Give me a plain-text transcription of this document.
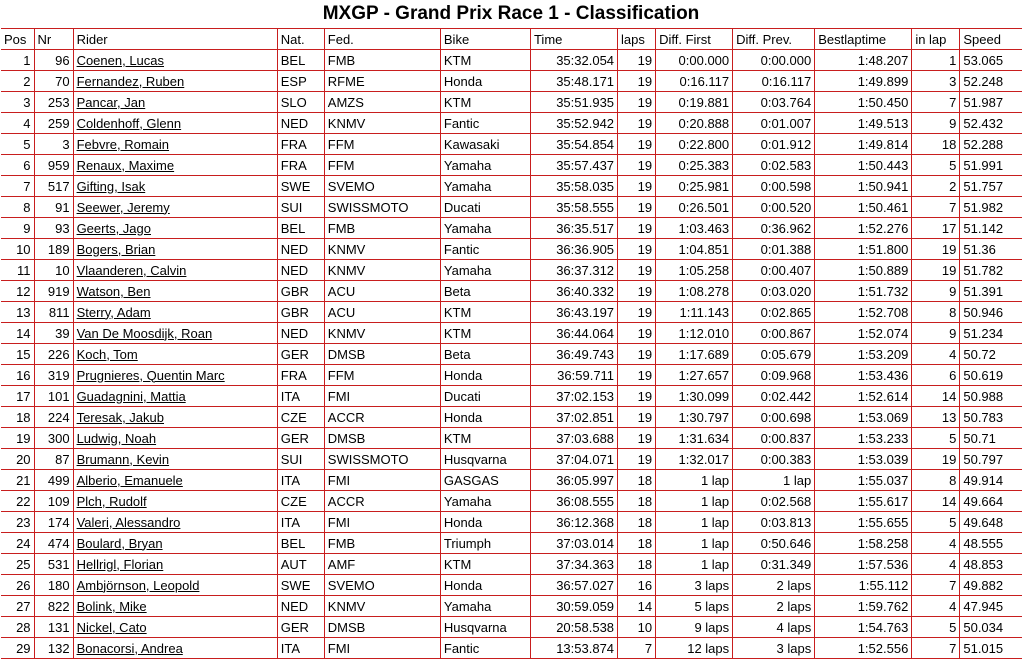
MXGP - Grand Prix Race 1 - Classification
Pos	Nr	Rider	Nat.	Fed.	Bike	Time	laps	Diff. First	Diff. Prev.	Bestlaptime	in lap	Speed
1	96	Coenen, Lucas	BEL	FMB	KTM	35:32.054	19	0:00.000	0:00.000	1:48.207	1	53.065
2	70	Fernandez, Ruben	ESP	RFME	Honda	35:48.171	19	0:16.117	0:16.117	1:49.899	3	52.248
3	253	Pancar, Jan	SLO	AMZS	KTM	35:51.935	19	0:19.881	0:03.764	1:50.450	7	51.987
4	259	Coldenhoff, Glenn	NED	KNMV	Fantic	35:52.942	19	0:20.888	0:01.007	1:49.513	9	52.432
5	3	Febvre, Romain	FRA	FFM	Kawasaki	35:54.854	19	0:22.800	0:01.912	1:49.814	18	52.288
6	959	Renaux, Maxime	FRA	FFM	Yamaha	35:57.437	19	0:25.383	0:02.583	1:50.443	5	51.991
7	517	Gifting, Isak	SWE	SVEMO	Yamaha	35:58.035	19	0:25.981	0:00.598	1:50.941	2	51.757
8	91	Seewer, Jeremy	SUI	SWISSMOTO	Ducati	35:58.555	19	0:26.501	0:00.520	1:50.461	7	51.982
9	93	Geerts, Jago	BEL	FMB	Yamaha	36:35.517	19	1:03.463	0:36.962	1:52.276	17	51.142
10	189	Bogers, Brian	NED	KNMV	Fantic	36:36.905	19	1:04.851	0:01.388	1:51.800	19	51.36
11	10	Vlaanderen, Calvin	NED	KNMV	Yamaha	36:37.312	19	1:05.258	0:00.407	1:50.889	19	51.782
12	919	Watson, Ben	GBR	ACU	Beta	36:40.332	19	1:08.278	0:03.020	1:51.732	9	51.391
13	811	Sterry, Adam	GBR	ACU	KTM	36:43.197	19	1:11.143	0:02.865	1:52.708	8	50.946
14	39	Van De Moosdijk, Roan	NED	KNMV	KTM	36:44.064	19	1:12.010	0:00.867	1:52.074	9	51.234
15	226	Koch, Tom	GER	DMSB	Beta	36:49.743	19	1:17.689	0:05.679	1:53.209	4	50.72
16	319	Prugnieres, Quentin Marc	FRA	FFM	Honda	36:59.711	19	1:27.657	0:09.968	1:53.436	6	50.619
17	101	Guadagnini, Mattia	ITA	FMI	Ducati	37:02.153	19	1:30.099	0:02.442	1:52.614	14	50.988
18	224	Teresak, Jakub	CZE	ACCR	Honda	37:02.851	19	1:30.797	0:00.698	1:53.069	13	50.783
19	300	Ludwig, Noah	GER	DMSB	KTM	37:03.688	19	1:31.634	0:00.837	1:53.233	5	50.71
20	87	Brumann, Kevin	SUI	SWISSMOTO	Husqvarna	37:04.071	19	1:32.017	0:00.383	1:53.039	19	50.797
21	499	Alberio, Emanuele	ITA	FMI	GASGAS	36:05.997	18	1 lap	1 lap	1:55.037	8	49.914
22	109	Plch, Rudolf	CZE	ACCR	Yamaha	36:08.555	18	1 lap	0:02.568	1:55.617	14	49.664
23	174	Valeri, Alessandro	ITA	FMI	Honda	36:12.368	18	1 lap	0:03.813	1:55.655	5	49.648
24	474	Boulard, Bryan	BEL	FMB	Triumph	37:03.014	18	1 lap	0:50.646	1:58.258	4	48.555
25	531	Hellrigl, Florian	AUT	AMF	KTM	37:34.363	18	1 lap	0:31.349	1:57.536	4	48.853
26	180	Ambjörnson, Leopold	SWE	SVEMO	Honda	36:57.027	16	3 laps	2 laps	1:55.112	7	49.882
27	822	Bolink, Mike	NED	KNMV	Yamaha	30:59.059	14	5 laps	2 laps	1:59.762	4	47.945
28	131	Nickel, Cato	GER	DMSB	Husqvarna	20:58.538	10	9 laps	4 laps	1:54.763	5	50.034
29	132	Bonacorsi, Andrea	ITA	FMI	Fantic	13:53.874	7	12 laps	3 laps	1:52.556	7	51.015
